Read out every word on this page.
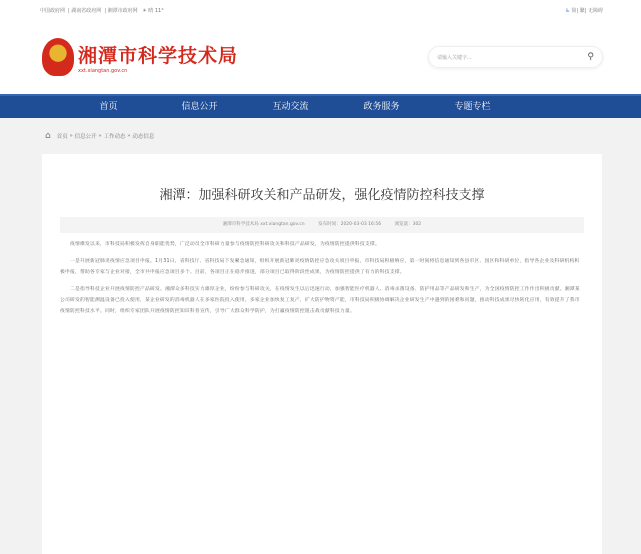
中国政府网 | 湖南省政府网 | 湘潭市政府网 ☀ 晴 11°	♿ 简| 繁| 无障碍
湘潭市科学技术局
xxt.xiangtan.gov.cn
请输入关键字...	⚲
首页	信息公开	互动交流	政务服务	专题专栏
⌂ 首页 » 信息公开 » 工作动态 » 动态信息
湘潭：加强科研攻关和产品研发，强化疫情防控科技支撑
湘潭市科学技术局 xxt.xiangtan.gov.cn	发布时间：2020-03-03 16:56	浏览量：302

疫情爆发以来，市科技局积极发挥自身职能优势，广泛动员全市科研力量参与疫情防控科研攻关和科技产品研发，为疫情防控提供科技支撑。

一是开展新冠肺炎疫情应急项目申报。1月31日，省科技厅、省科技局下发紧急通知，组织开展新冠肺炎疫情防控应急攻关项目申报，市科技局积极响应，第一时间将信息通知到各县市区、园区和科研单位，指导各企业及科研机构积极申报，帮助各专家与企业对接，全市共申报应急项目多个。目前，各项目正在稳步推进，部分项目已取得阶段性成果，为疫情防控提供了有力的科技支撑。

二是指导科技企业开展疫情防控产品研发。湘潭众多科技实力雄厚企业，纷纷参与科研攻关，在疫情发生以后迅速行动，加强智能医疗机器人、消毒杀菌设备、防护用品等产品研发和生产，为全国疫情防控工作作出积极贡献。湘潭某公司研发的智能测温设备已投入使用，某企业研发的消毒机器人在多家医院投入使用，多家企业加快复工复产，扩大防护物资产能，市科技局积极协调解决企业研发生产中遇到的困难和问题，推动科技成果尽快转化应用，有效提升了我市疫情防控科技水平。同时，组织专家团队开展疫情防控知识科普宣传，引导广大群众科学防护，为打赢疫情防控阻击战贡献科技力量。
